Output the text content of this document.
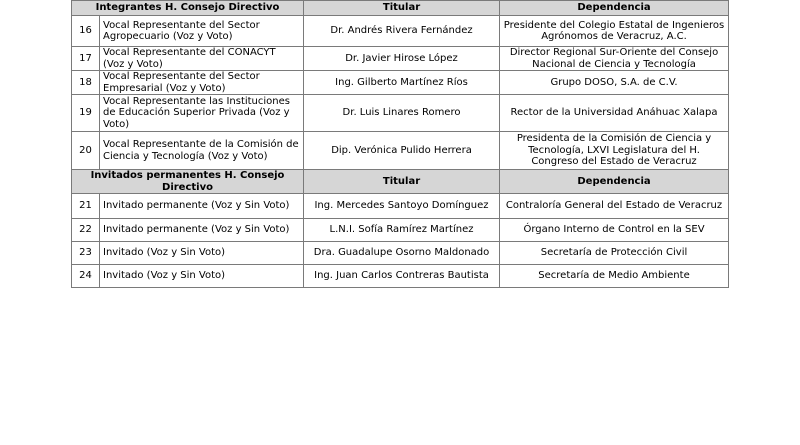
Integrantes H. Consejo Directivo		Titular	Dependencia
16	Vocal Representante del Sector Agropecuario (Voz y Voto)	Dr. Andrés Rivera Fernández	Presidente del Colegio Estatal de Ingenieros Agrónomos de Veracruz, A.C.
17	Vocal Representante del CONACYT (Voz y Voto)	Dr. Javier Hirose López	Director Regional Sur-Oriente del Consejo Nacional de Ciencia y Tecnología
18	Vocal Representante del Sector Empresarial (Voz y Voto)	Ing. Gilberto Martínez Ríos	Grupo DOSO, S.A. de C.V.
19	Vocal Representante las Instituciones de Educación Superior Privada (Voz y Voto)	Dr. Luis Linares Romero	Rector de la Universidad Anáhuac Xalapa
20	Vocal Representante de la Comisión de Ciencia y Tecnología (Voz y Voto)	Dip. Verónica Pulido Herrera	Presidenta de la Comisión de Ciencia y Tecnología, LXVI Legislatura del H. Congreso del Estado de Veracruz
Invitados permanentes H. Consejo Directivo		Titular	Dependencia
21	Invitado permanente (Voz y Sin Voto)	Ing. Mercedes Santoyo Domínguez	Contraloría General del Estado de Veracruz
22	Invitado permanente (Voz y Sin Voto)	L.N.I. Sofía Ramírez Martínez	Órgano Interno de Control en la SEV
23	Invitado (Voz y Sin Voto)	Dra. Guadalupe Osorno Maldonado	Secretaría de Protección Civil
24	Invitado (Voz y Sin Voto)	Ing. Juan Carlos Contreras Bautista	Secretaría de Medio Ambiente
